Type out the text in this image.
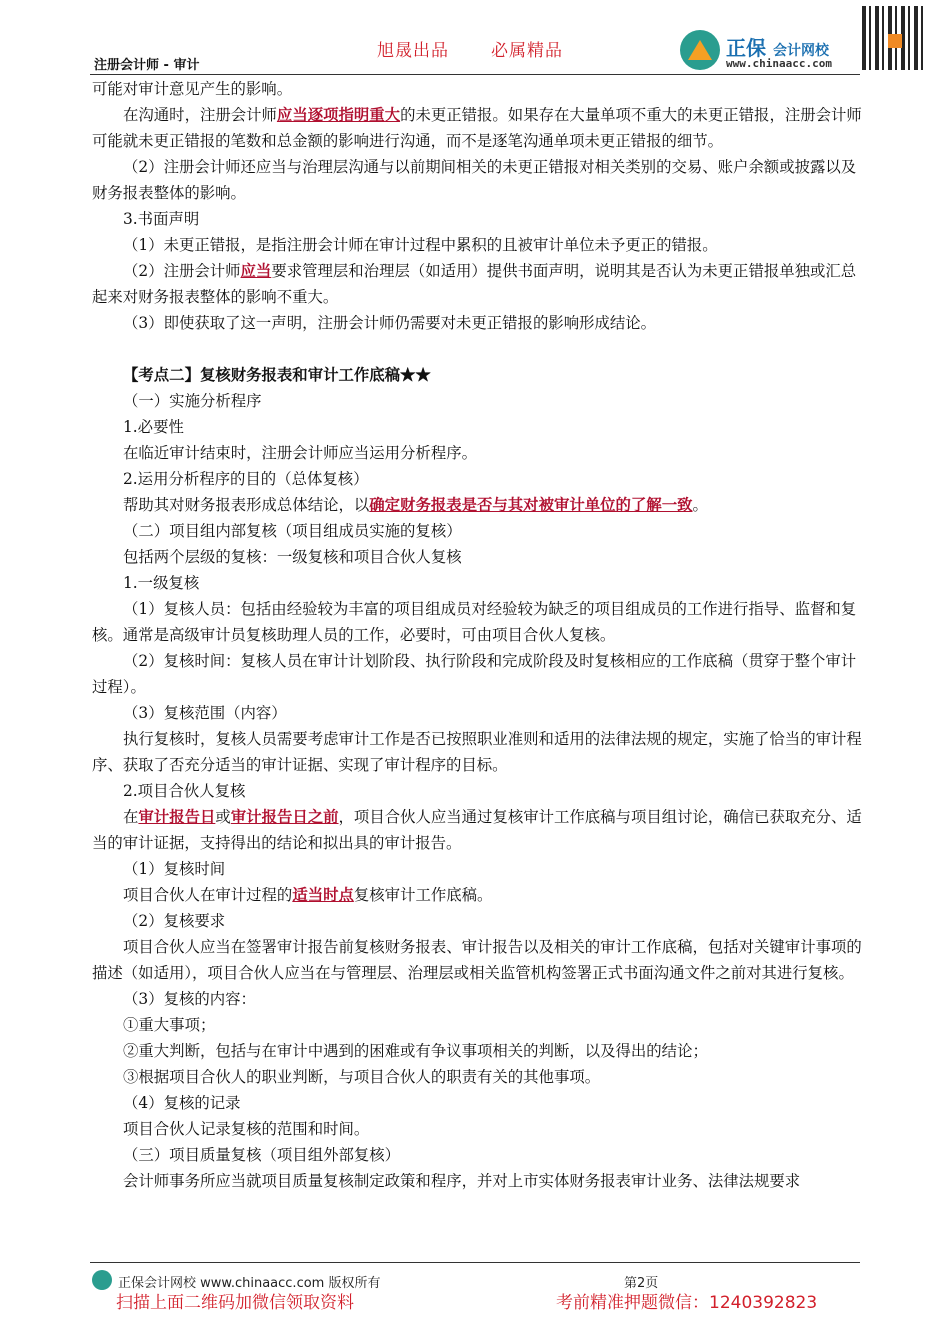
旭晟出品 必属精品
注册会计师 - 审计
正保 会计网校
www.chinaacc.com

可能对审计意见产生的影响。

在沟通时，注册会计师应当逐项指明重大的未更正错报。如果存在大量单项不重大的未更正错报，注册会计师可能就未更正错报的笔数和总金额的影响进行沟通，而不是逐笔沟通单项未更正错报的细节。

（2）注册会计师还应当与治理层沟通与以前期间相关的未更正错报对相关类别的交易、账户余额或披露以及财务报表整体的影响。

3.书面声明

（1）未更正错报，是指注册会计师在审计过程中累积的且被审计单位未予更正的错报。

（2）注册会计师应当要求管理层和治理层（如适用）提供书面声明，说明其是否认为未更正错报单独或汇总起来对财务报表整体的影响不重大。

（3）即使获取了这一声明，注册会计师仍需要对未更正错报的影响形成结论。

【考点二】复核财务报表和审计工作底稿★★

（一）实施分析程序

1.必要性

在临近审计结束时，注册会计师应当运用分析程序。

2.运用分析程序的目的（总体复核）

帮助其对财务报表形成总体结论，以确定财务报表是否与其对被审计单位的了解一致。

（二）项目组内部复核（项目组成员实施的复核）

包括两个层级的复核：一级复核和项目合伙人复核

1.一级复核

（1）复核人员：包括由经验较为丰富的项目组成员对经验较为缺乏的项目组成员的工作进行指导、监督和复核。通常是高级审计员复核助理人员的工作，必要时，可由项目合伙人复核。

（2）复核时间：复核人员在审计计划阶段、执行阶段和完成阶段及时复核相应的工作底稿（贯穿于整个审计过程）。

（3）复核范围（内容）

执行复核时，复核人员需要考虑审计工作是否已按照职业准则和适用的法律法规的规定，实施了恰当的审计程序、获取了否充分适当的审计证据、实现了审计程序的目标。

2.项目合伙人复核

在审计报告日或审计报告日之前，项目合伙人应当通过复核审计工作底稿与项目组讨论，确信已获取充分、适当的审计证据，支持得出的结论和拟出具的审计报告。

（1）复核时间

项目合伙人在审计过程的适当时点复核审计工作底稿。

（2）复核要求

项目合伙人应当在签署审计报告前复核财务报表、审计报告以及相关的审计工作底稿，包括对关键审计事项的描述（如适用），项目合伙人应当在与管理层、治理层或相关监管机构签署正式书面沟通文件之前对其进行复核。

（3）复核的内容：

①重大事项；

②重大判断，包括与在审计中遇到的困难或有争议事项相关的判断，以及得出的结论；

③根据项目合伙人的职业判断，与项目合伙人的职责有关的其他事项。

（4）复核的记录

项目合伙人记录复核的范围和时间。

（三）项目质量复核（项目组外部复核）

会计师事务所应当就项目质量复核制定政策和程序，并对上市实体财务报表审计业务、法律法规要求

正保会计网校 www.chinaacc.com 版权所有	第2页
扫描上面二维码加微信领取资料	考前精准押题微信：1240392823
